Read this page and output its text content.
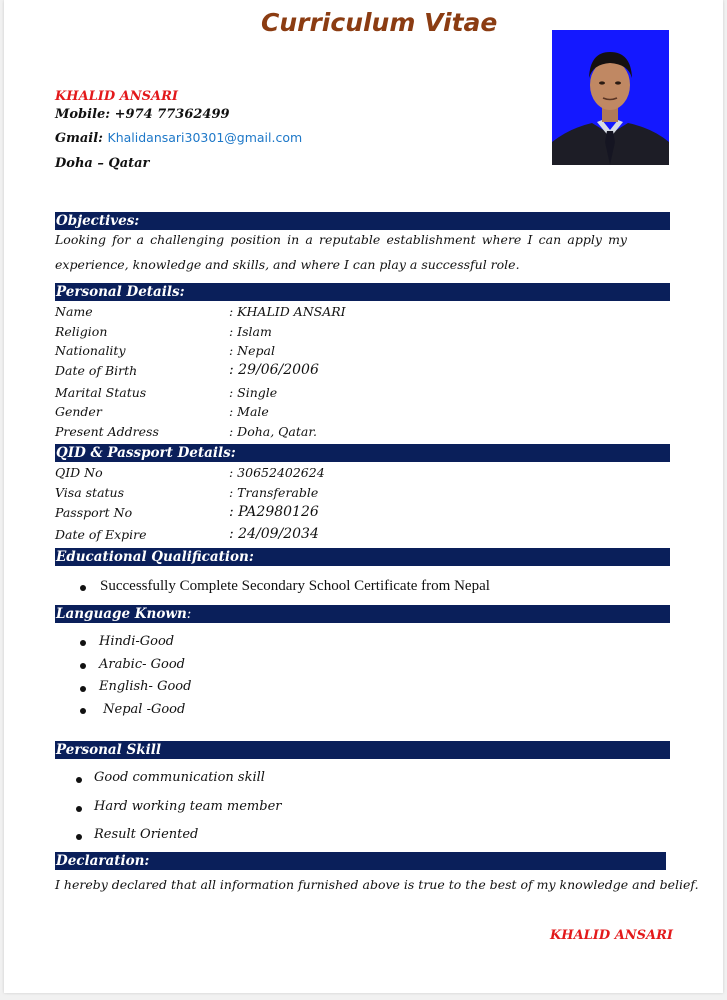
Curriculum Vitae
KHALID ANSARI
Mobile: +974 77362499
Gmail: Khalidansari30301@gmail.com
Doha – Qatar
Objectives:
Looking for a challenging position in a reputable establishment where I can apply my
experience, knowledge and skills, and where I can play a successful role.
Personal Details:
Name	: KHALID ANSARI
Religion	: Islam
Nationality	: Nepal
Date of Birth	: 29/06/2006
Marital Status	: Single
Gender	: Male
Present Address	: Doha, Qatar.
QID & Passport Details:
QID No	: 30652402624
Visa status	: Transferable
Passport No	: PA2980126
Date of Expire	: 24/09/2034
Educational Qualification:
Successfully Complete Secondary School Certificate from Nepal
Language Known:
Hindi-Good
Arabic- Good
English- Good
Nepal -Good
Personal Skill
Good communication skill
Hard working team member
Result Oriented
Declaration:
I hereby declared that all information furnished above is true to the best of my knowledge and belief.
KHALID ANSARI
